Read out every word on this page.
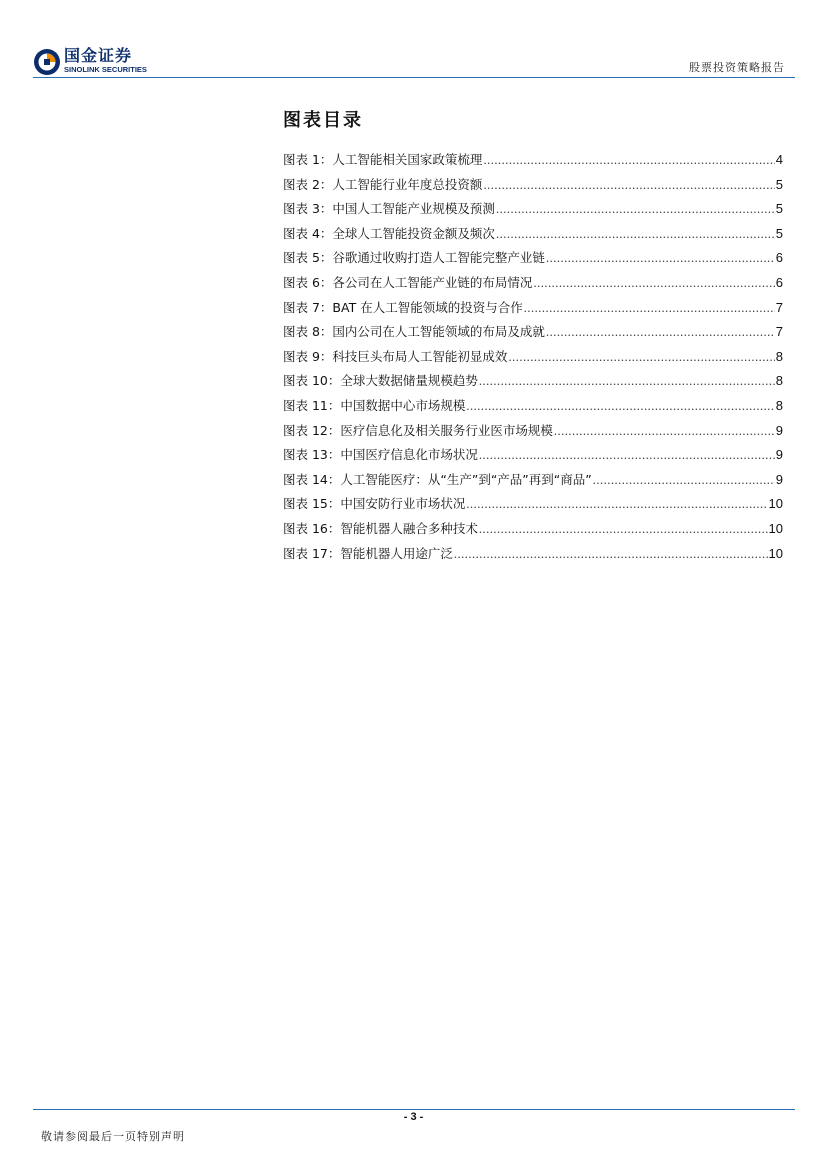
国金证券
SINOLINK SECURITIES	股票投资策略报告
图表目录
图表 1：人工智能相关国家政策梳理 .....	4
图表 2：人工智能行业年度总投资额 .....	5
图表 3：中国人工智能产业规模及预测 .....	5
图表 4：全球人工智能投资金额及频次 .....	5
图表 5：谷歌通过收购打造人工智能完整产业链 .....	6
图表 6：各公司在人工智能产业链的布局情况 .....	6
图表 7：BAT 在人工智能领域的投资与合作 .....	7
图表 8：国内公司在人工智能领域的布局及成就 .....	7
图表 9：科技巨头布局人工智能初显成效 .....	8
图表 10：全球大数据储量规模趋势 .....	8
图表 11：中国数据中心市场规模 .....	8
图表 12：医疗信息化及相关服务行业医市场规模 .....	9
图表 13：中国医疗信息化市场状况 .....	9
图表 14：人工智能医疗：从“生产”到“产品”再到“商品” .....	9
图表 15：中国安防行业市场状况 .....	10
图表 16：智能机器人融合多种技术 .....	10
图表 17：智能机器人用途广泛 .....	10
- 3 -
敬请参阅最后一页特别声明
